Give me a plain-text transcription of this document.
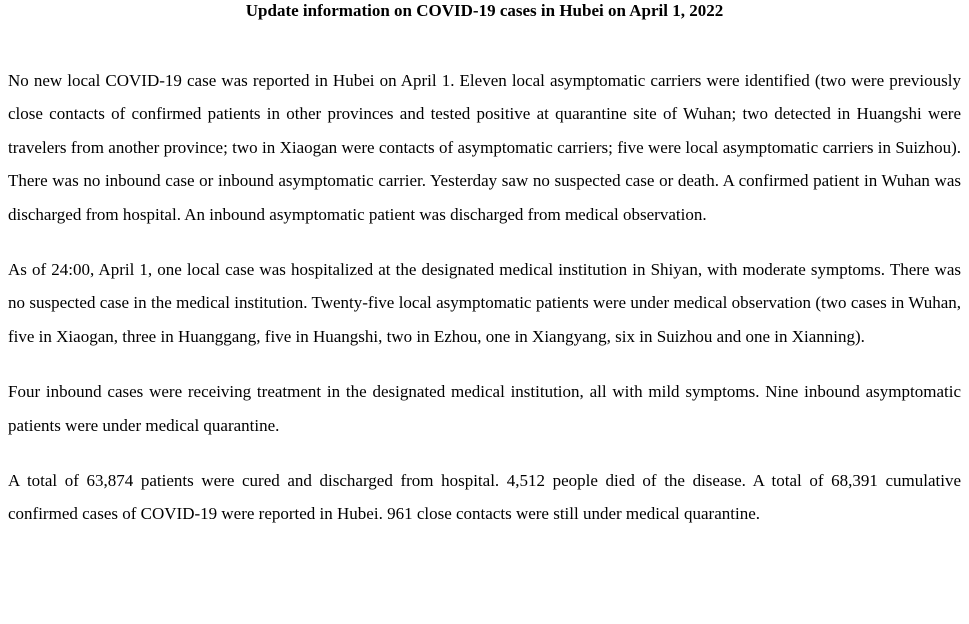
Update information on COVID-19 cases in Hubei on April 1, 2022

No new local COVID-19 case was reported in Hubei on April 1. Eleven local asymptomatic carriers were identified (two were previously close contacts of confirmed patients in other provinces and tested positive at quarantine site of Wuhan; two detected in Huangshi were travelers from another province; two in Xiaogan were contacts of asymptomatic carriers; five were local asymptomatic carriers in Suizhou). There was no inbound case or inbound asymptomatic carrier. Yesterday saw no suspected case or death. A confirmed patient in Wuhan was discharged from hospital. An inbound asymptomatic patient was discharged from medical observation.

As of 24:00, April 1, one local case was hospitalized at the designated medical institution in Shiyan, with moderate symptoms. There was no suspected case in the medical institution. Twenty-five local asymptomatic patients were under medical observation (two cases in Wuhan, five in Xiaogan, three in Huanggang, five in Huangshi, two in Ezhou, one in Xiangyang, six in Suizhou and one in Xianning).

Four inbound cases were receiving treatment in the designated medical institution, all with mild symptoms. Nine inbound asymptomatic patients were under medical quarantine.

A total of 63,874 patients were cured and discharged from hospital. 4,512 people died of the disease. A total of 68,391 cumulative confirmed cases of COVID-19 were reported in Hubei. 961 close contacts were still under medical quarantine.
